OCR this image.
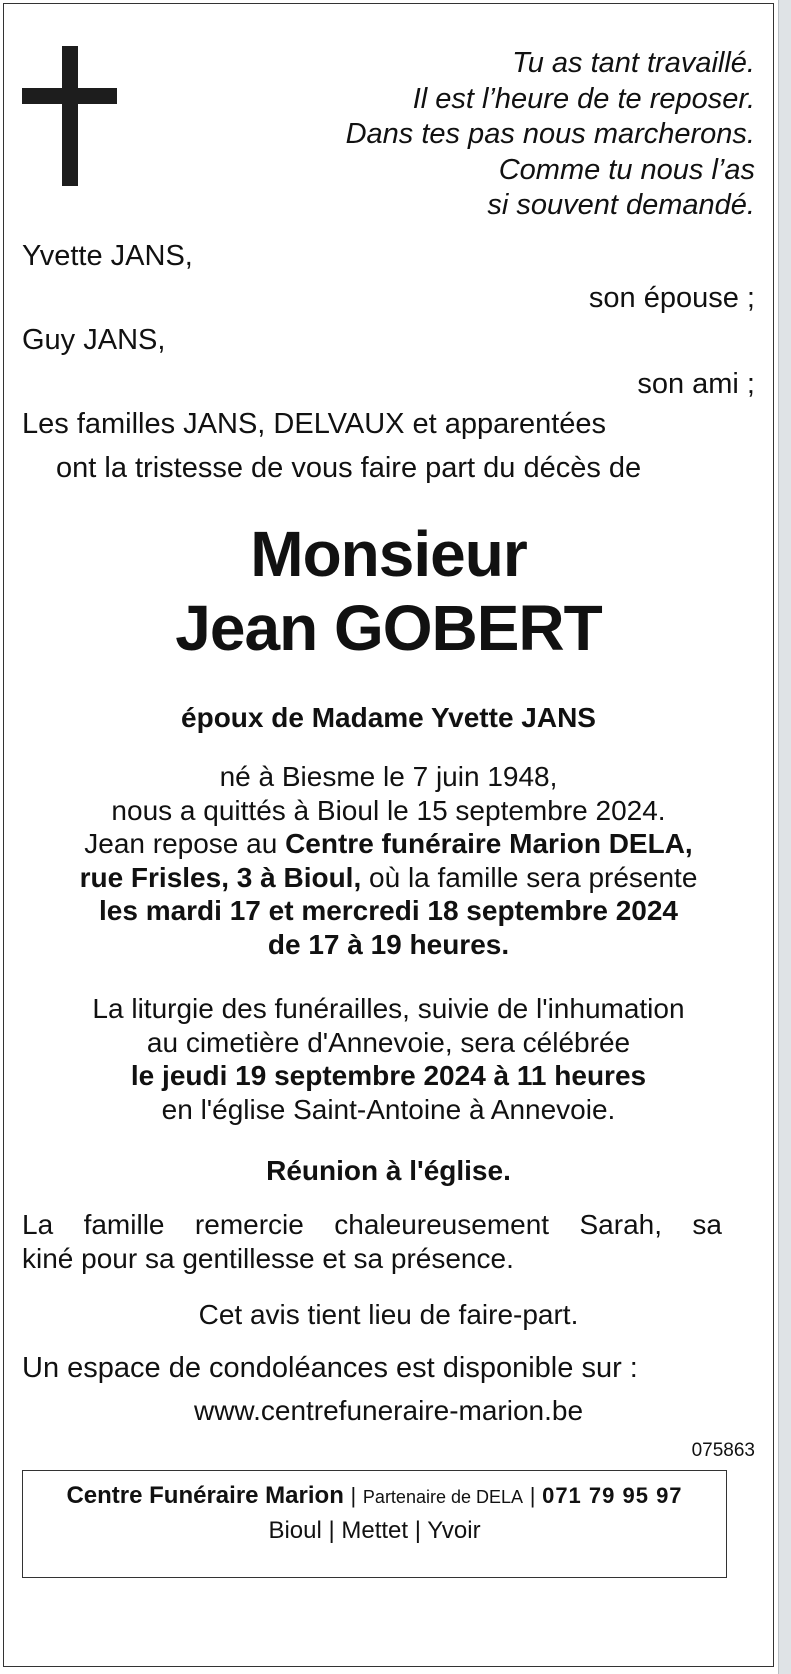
Tu as tant travaillé.
Il est l’heure de te reposer.
Dans tes pas nous marcherons.
Comme tu nous l’as
si souvent demandé.
Yvette JANS,
son épouse ;
Guy JANS,
son ami ;
Les familles JANS, DELVAUX et apparentées
ont la tristesse de vous faire part du décès de
Monsieur
Jean GOBERT
époux de Madame Yvette JANS
né à Biesme le 7 juin 1948,
nous a quittés à Bioul le 15 septembre 2024.
Jean repose au Centre funéraire Marion DELA,
rue Frisles, 3 à Bioul, où la famille sera présente
les mardi 17 et mercredi 18 septembre 2024
de 17 à 19 heures.
La liturgie des funérailles, suivie de l'inhumation
au cimetière d'Annevoie, sera célébrée
le jeudi 19 septembre 2024 à 11 heures
en l'église Saint-Antoine à Annevoie.
Réunion à l'église.
La famille remercie chaleureusement Sarah, sa
kiné pour sa gentillesse et sa présence.
Cet avis tient lieu de faire-part.
Un espace de condoléances est disponible sur :
www.centrefuneraire-marion.be
075863
Centre Funéraire Marion | Partenaire de DELA | 071 79 95 97
Bioul | Mettet | Yvoir
